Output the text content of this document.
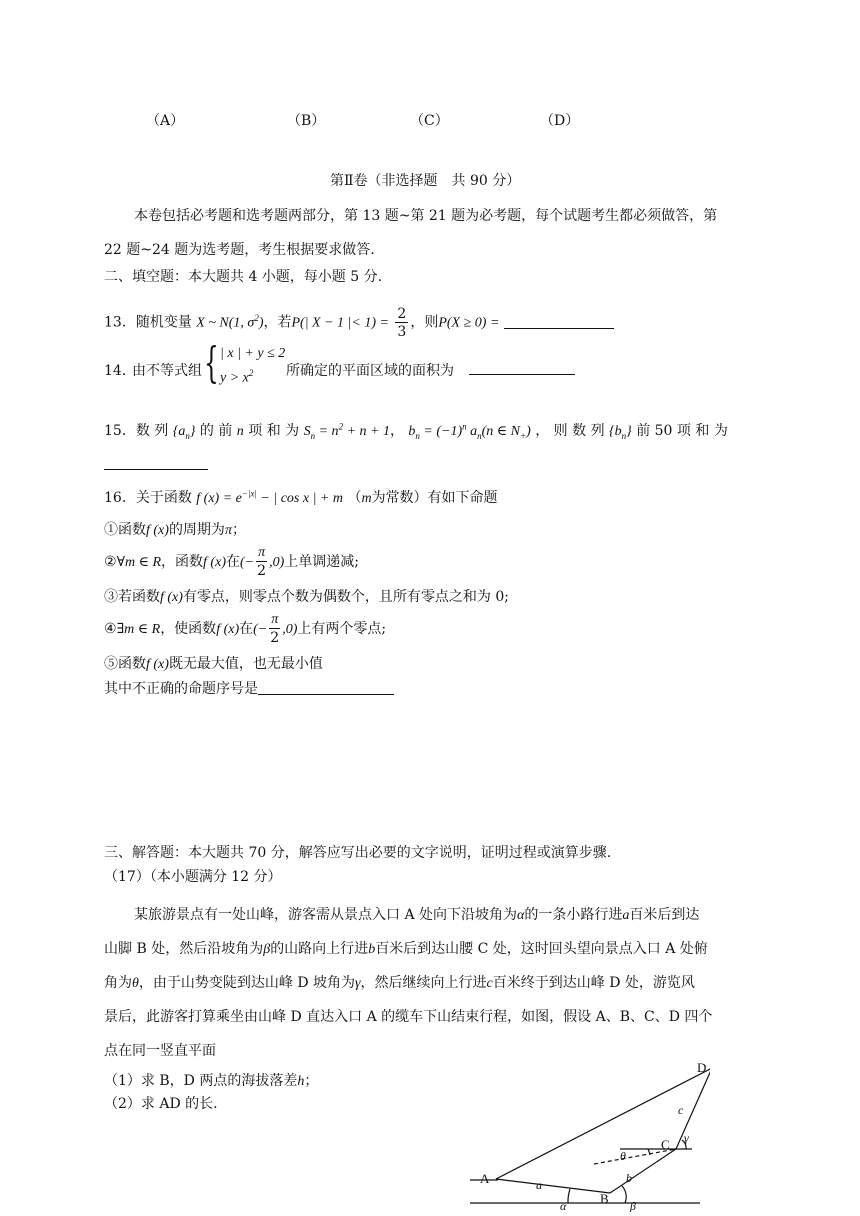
（A）	（B）	（C）	（D）
第Ⅱ卷（非选择题　共 90 分）
本卷包括必考题和选考题两部分，第 13 题~第 21 题为必考题，每个试题考生都必须做答，第
22 题~24 题为选考题，考生根据要求做答.
二、填空题：本大题共 4 小题，每小题 5 分.
13．随机变量 X ~ N(1, $\sigma^2$)，若P(| X − 1 |< $1) = \frac{2}{3}$ ，则P(X ≥ 0) =
14．
由不等式组 { | x | + y ≤ 2
$y > x^2$ 所确定的平面区域的面积为
15．数 列 $\{a_n\}$ 的 前 n 项 和 为 $S_n = n^2 + n + 1$， $b_n = (-1)^n$ $a_n(n$ ∈ $N_+$) ， 则 数 列 $\{b_n\}$ 前 50 项 和 为
16．关于函数 f $(x) = e^{-|x|}$ − | cos x | + m （m为常数）有如下命题
①函数f (x)的周期为π；
②∀m ∈ R，函数f (x)在(− $\frac{\pi}{2} ,0$)上单调递减;
③若函数f (x)有零点，则零点个数为偶数个，且所有零点之和为 0;
④∃m ∈ R，使函数f (x)在(− $\frac{\pi}{2} ,0$)上有两个零点;
⑤函数f (x)既无最大值，也无最小值
其中不正确的命题序号是
三、解答题：本大题共 70 分，解答应写出必要的文字说明，证明过程或演算步骤.
（17）（本小题满分 12 分）
某旅游景点有一处山峰，游客需从景点入口 A 处向下沿坡角为α的一条小路行进a百米后到达
山脚 B 处，然后沿坡角为β的山路向上行进b百米后到达山腰 C 处，这时回头望向景点入口 A 处俯
角为θ，由于山势变陡到达山峰 D 坡角为γ，然后继续向上行进c百米终于到达山峰 D 处，游览风
景后，此游客打算乘坐由山峰 D 直达入口 A 的缆车下山结束行程，如图，假设 A、B、C、D 四个
点在同一竖直平面
（1）求 B，D 两点的海拔落差h；
（2）求 AD 的长.
A
B
C
D
a	b
c
α	β
θ
γ
